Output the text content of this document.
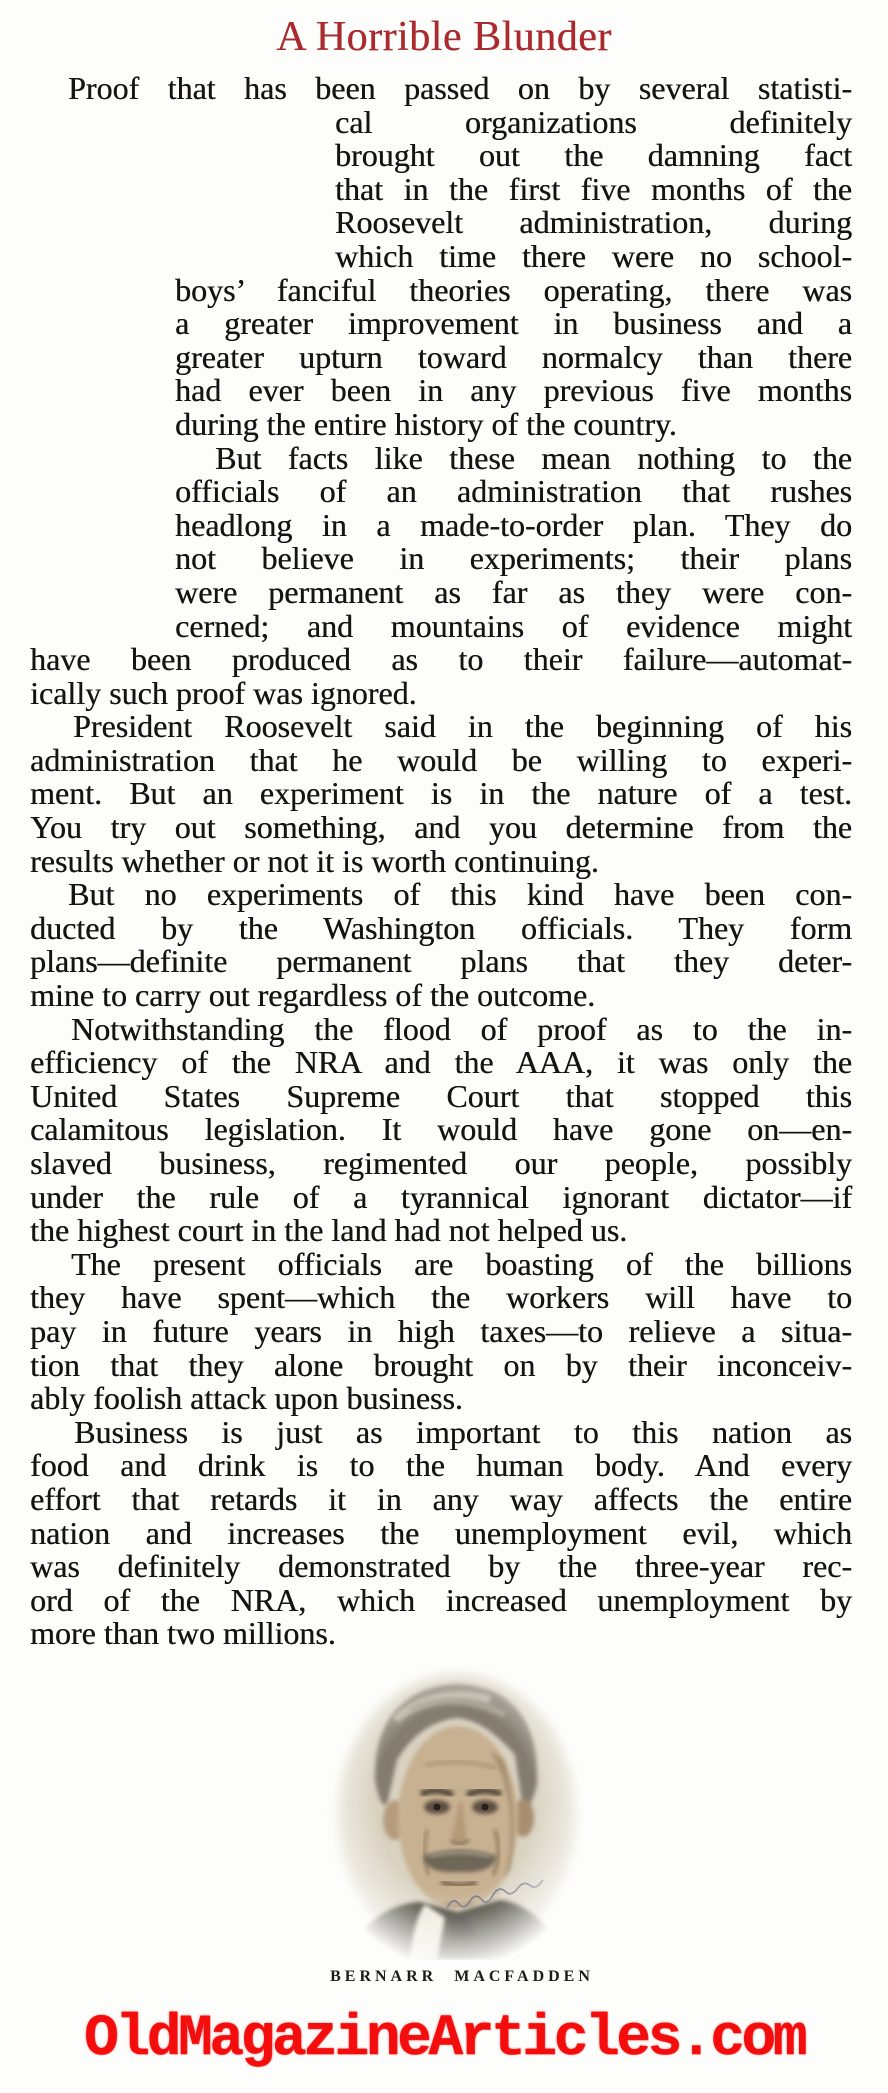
A Horrible Blunder
Proof that has been passed on by several statisti-
cal organizations definitely
brought out the damning fact
that in the first five months of the
Roosevelt administration, during
which time there were no school-
boys’ fanciful theories operating, there was
a greater improvement in business and a
greater upturn toward normalcy than there
had ever been in any previous five months
during the entire history of the country.
But facts like these mean nothing to the
officials of an administration that rushes
headlong in a made-to-order plan. They do
not believe in experiments; their plans
were permanent as far as they were con-
cerned; and mountains of evidence might
have been produced as to their failure—automat-
ically such proof was ignored.
President Roosevelt said in the beginning of his
administration that he would be willing to experi-
ment. But an experiment is in the nature of a test.
You try out something, and you determine from the
results whether or not it is worth continuing.
But no experiments of this kind have been con-
ducted by the Washington officials. They form
plans—definite permanent plans that they deter-
mine to carry out regardless of the outcome.
Notwithstanding the flood of proof as to the in-
efficiency of the NRA and the AAA, it was only the
United States Supreme Court that stopped this
calamitous legislation. It would have gone on—en-
slaved business, regimented our people, possibly
under the rule of a tyrannical ignorant dictator—if
the highest court in the land had not helped us.
The present officials are boasting of the billions
they have spent—which the workers will have to
pay in future years in high taxes—to relieve a situa-
tion that they alone brought on by their inconceiv-
ably foolish attack upon business.
Business is just as important to this nation as
food and drink is to the human body. And every
effort that retards it in any way affects the entire
nation and increases the unemployment evil, which
was definitely demonstrated by the three-year rec-
ord of the NRA, which increased unemployment by
more than two millions.
BERNARR MACFADDEN
OldMagazineArticles.com
